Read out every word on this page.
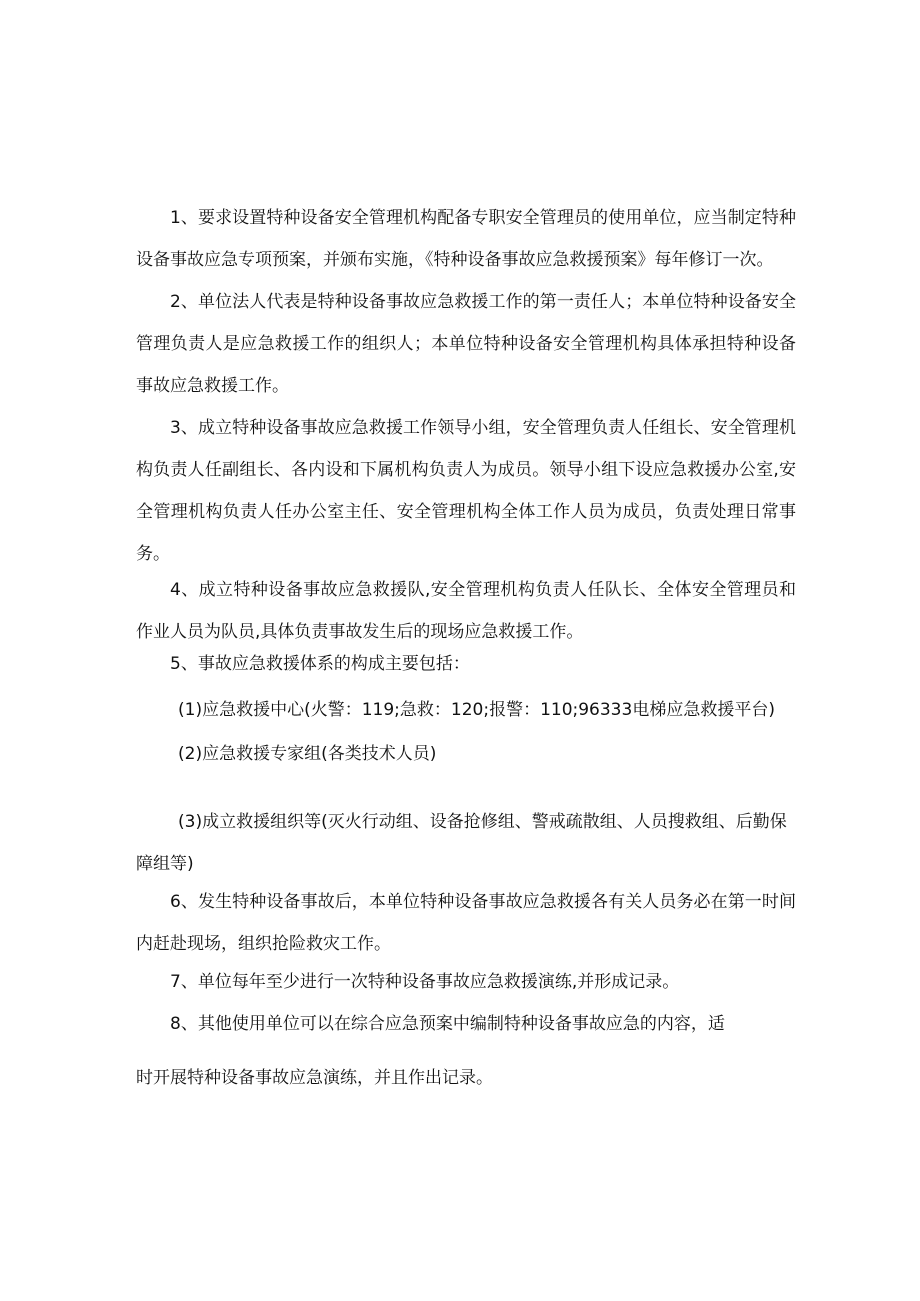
1、要求设置特种设备安全管理机构配备专职安全管理员的使用单位，应当制定特种设备事故应急专项预案，并颁布实施，《特种设备事故应急救援预案》每年修订一次。

2、单位法人代表是特种设备事故应急救援工作的第一责任人；本单位特种设备安全管理负责人是应急救援工作的组织人；本单位特种设备安全管理机构具体承担特种设备事故应急救援工作。

3、成立特种设备事故应急救援工作领导小组，安全管理负责人任组长、安全管理机构负责人任副组长、各内设和下属机构负责人为成员。领导小组下设应急救援办公室,安全管理机构负责人任办公室主任、安全管理机构全体工作人员为成员，负责处理日常事务。

4、成立特种设备事故应急救援队,安全管理机构负责人任队长、全体安全管理员和作业人员为队员,具体负责事故发生后的现场应急救援工作。

5、事故应急救援体系的构成主要包括：

(1)应急救援中心(火警：119;急救：120;报警：110;96333电梯应急救援平台)

(2)应急救援专家组(各类技术人员)

(3)成立救援组织等(灭火行动组、设备抢修组、警戒疏散组、人员搜救组、后勤保障组等)

6、发生特种设备事故后，本单位特种设备事故应急救援各有关人员务必在第一时间内赶赴现场，组织抢险救灾工作。

7、单位每年至少进行一次特种设备事故应急救援演练,并形成记录。

8、其他使用单位可以在综合应急预案中编制特种设备事故应急的内容，适

时开展特种设备事故应急演练，并且作出记录。
